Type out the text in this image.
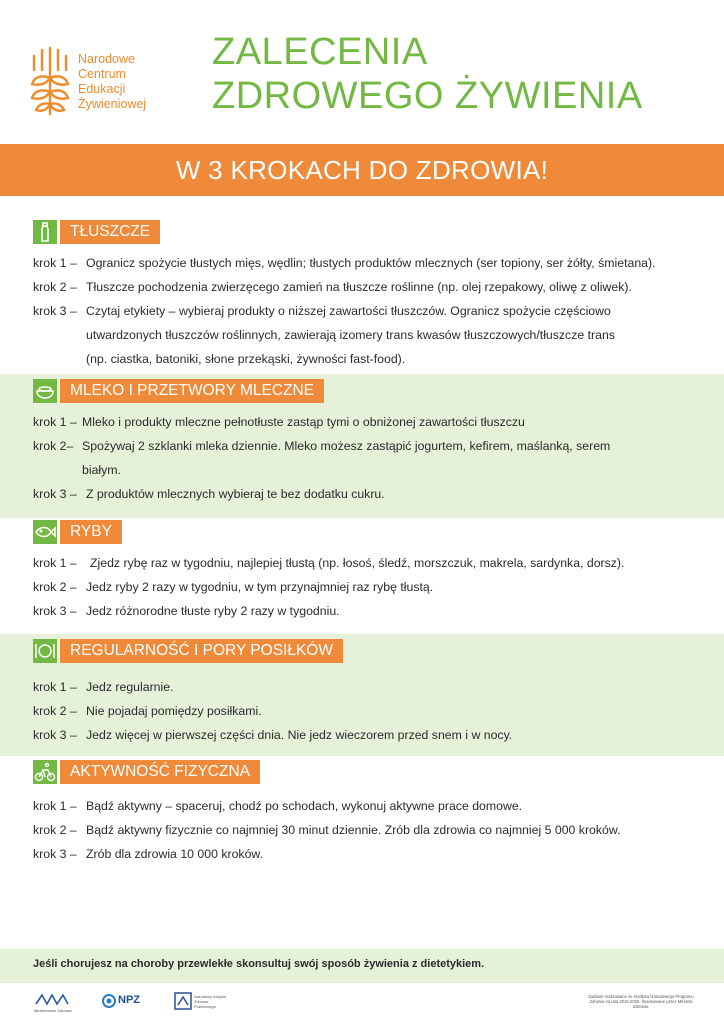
Narodowe
Centrum
Edukacji
Żywieniowej
ZALECENIA
ZDROWEGO ŻYWIENIA
W 3 KROKACH DO ZDROWIA!
TŁUSZCZE
krok 1 – Ogranicz spożycie tłustych mięs, wędlin; tłustych produktów mlecznych (ser topiony, ser żółty, śmietana).
krok 2 – Tłuszcze pochodzenia zwierzęcego zamień na tłuszcze roślinne (np. olej rzepakowy, oliwę z oliwek).
krok 3 – Czytaj etykiety – wybieraj produkty o niższej zawartości tłuszczów. Ogranicz spożycie częściowo
utwardzonych tłuszczów roślinnych, zawierają izomery trans kwasów tłuszczowych/tłuszcze trans
(np. ciastka, batoniki, słone przekąski, żywności fast-food).
MLEKO I PRZETWORY MLECZNE
krok 1 – Mleko i produkty mleczne pełnotłuste zastąp tymi o obniżonej zawartości tłuszczu
krok 2– Spożywaj 2 szklanki mleka dziennie. Mleko możesz zastąpić jogurtem, kefirem, maślanką, serem
białym.
krok 3 – Z produktów mlecznych wybieraj te bez dodatku cukru.
RYBY
krok 1 – Zjedz rybę raz w tygodniu, najlepiej tłustą (np. łosoś, śledź, morszczuk, makrela, sardynka, dorsz).
krok 2 – Jedz ryby 2 razy w tygodniu, w tym przynajmniej raz rybę tłustą.
krok 3 – Jedz różnorodne tłuste ryby 2 razy w tygodniu.
REGULARNOŚĆ I PORY POSIŁKÓW
krok 1 – Jedz regularnie.
krok 2 – Nie pojadaj pomiędzy posiłkami.
krok 3 – Jedz więcej w pierwszej części dnia. Nie jedz wieczorem przed snem i w nocy.
AKTYWNOŚĆ FIZYCZNA
krok 1 – Bądź aktywny – spaceruj, chodź po schodach, wykonuj aktywne prace domowe.
krok 2 – Bądź aktywny fizycznie co najmniej 30 minut dziennie. Zrób dla zdrowia co najmniej 5 000 kroków.
krok 3 – Zrób dla zdrowia 10 000 kroków.
Jeśli chorujesz na choroby przewlekłe skonsultuj swój sposób żywienia z dietetykiem.
Ministerstwo Zdrowia
NPZ	Narodowy Instytut Zdrowia Publicznego
Zadanie realizowane ze środków Narodowego Programu Zdrowia na lata 2016-2020, finansowane przez Ministra Zdrowia.
